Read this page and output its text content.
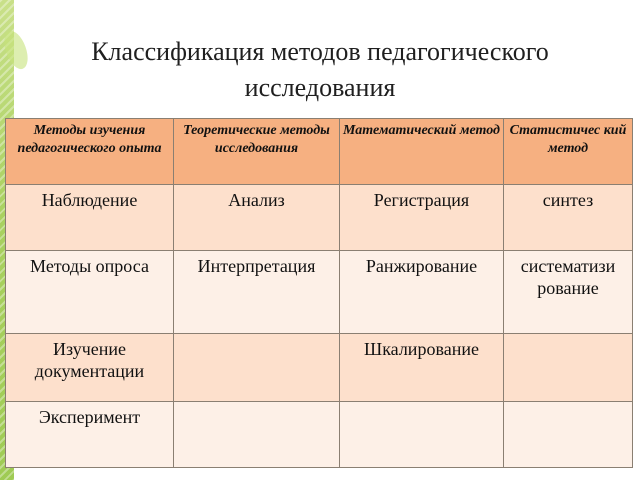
Классификация методов педагогического исследования
Методы изучения педагогического опыта	Теоретические методы исследования	Математический метод	Статистичес кий метод
Наблюдение	Анализ	Регистрация	синтез
Методы опроса	Интерпретация	Ранжирование	систематизи рование
Изучение документации		Шкалирование	
Эксперимент			
